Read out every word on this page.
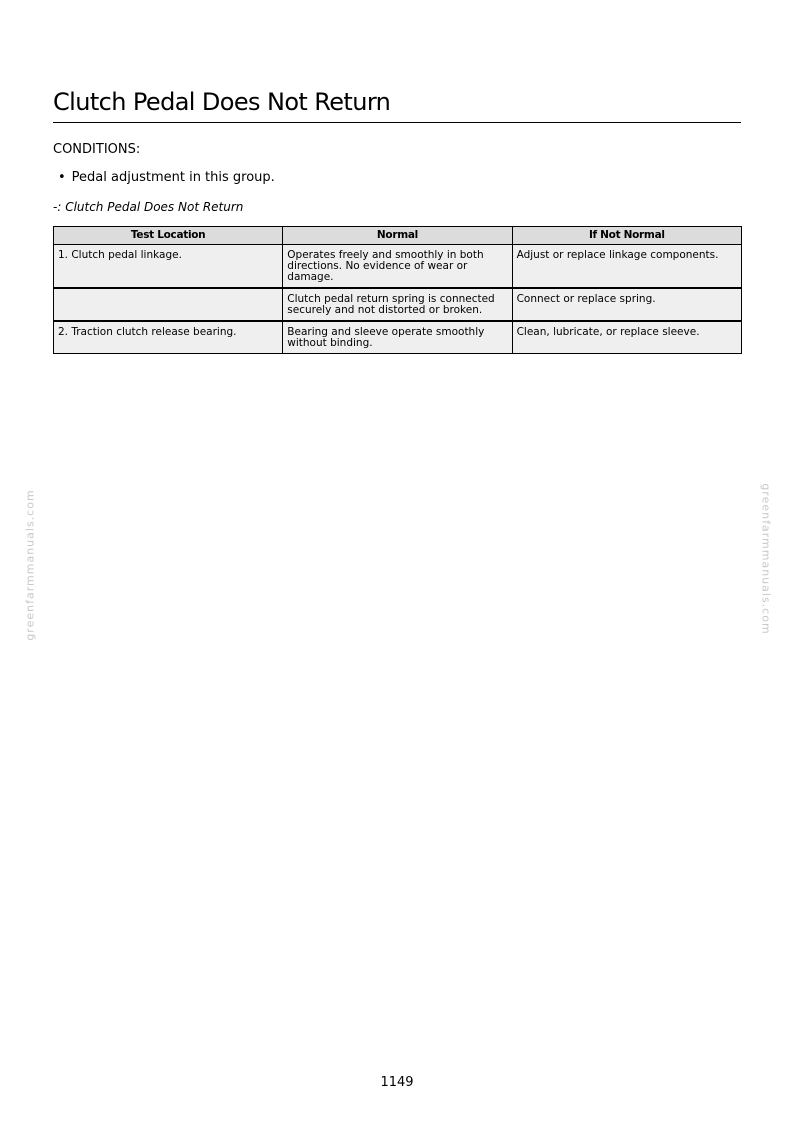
Clutch Pedal Does Not Return
CONDITIONS:
• Pedal adjustment in this group.
-: Clutch Pedal Does Not Return
Test Location	Normal	If Not Normal
1. Clutch pedal linkage.	Operates freely and smoothly in both directions. No evidence of wear or damage.	Adjust or replace linkage components.
	Clutch pedal return spring is connected securely and not distorted or broken.	Connect or replace spring.
2. Traction clutch release bearing.	Bearing and sleeve operate smoothly without binding.	Clean, lubricate, or replace sleeve.
greenfarmmanuals.com	greenfarmmanuals.com
1149
